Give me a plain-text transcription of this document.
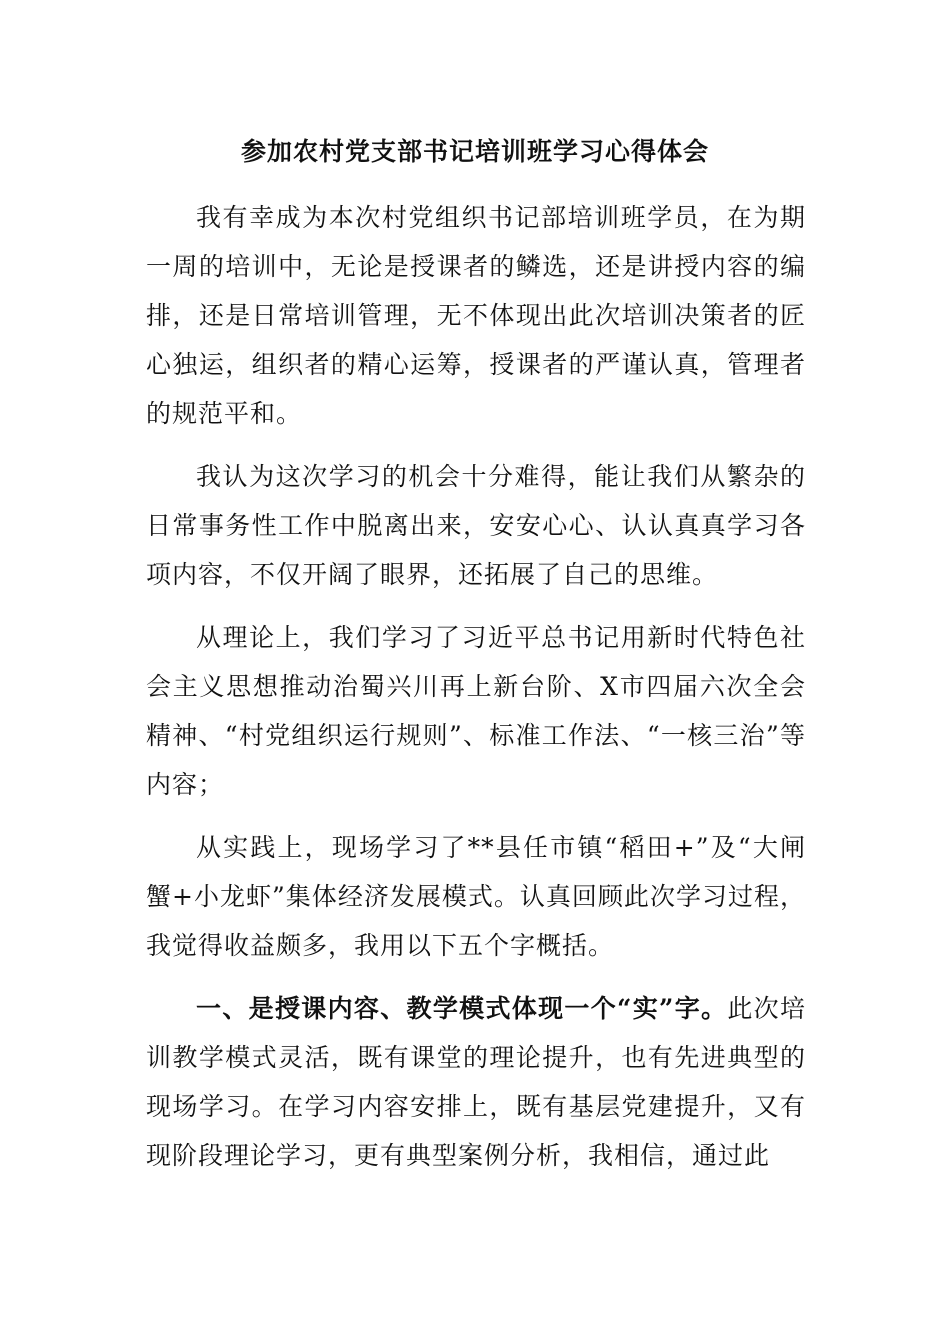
参加农村党支部书记培训班学习心得体会

我有幸成为本次村党组织书记部培训班学员，在为期一周的培训中，无论是授课者的鳞选，还是讲授内容的编排，还是日常培训管理，无不体现出此次培训决策者的匠心独运，组织者的精心运筹，授课者的严谨认真，管理者的规范平和。

我认为这次学习的机会十分难得，能让我们从繁杂的日常事务性工作中脱离出来，安安心心、认认真真学习各项内容，不仅开阔了眼界，还拓展了自己的思维。

从理论上，我们学习了习近平总书记用新时代特色社会主义思想推动治蜀兴川再上新台阶、X市四届六次全会精神、“村党组织运行规则”、标准工作法、“一核三治”等内容；

从实践上，现场学习了**县任市镇“稻田+”及“大闸蟹+小龙虾”集体经济发展模式。认真回顾此次学习过程，我觉得收益颇多，我用以下五个字概括。

一、是授课内容、教学模式体现一个“实”字。此次培训教学模式灵活，既有课堂的理论提升，也有先进典型的现场学习。在学习内容安排上，既有基层党建提升，又有现阶段理论学习，更有典型案例分析，我相信，通过此
